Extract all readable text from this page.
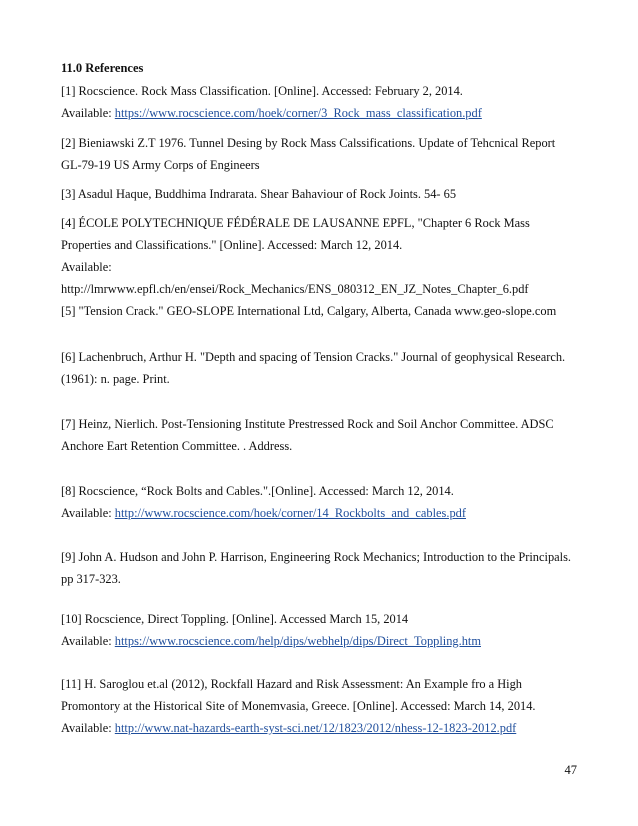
11.0 References
[1] Rocscience. Rock Mass Classification. [Online]. Accessed: February 2, 2014.
Available: https://www.rocscience.com/hoek/corner/3_Rock_mass_classification.pdf
[2] Bieniawski Z.T 1976. Tunnel Desing by Rock Mass Calssifications. Update of Tehcnical Report
GL-79-19 US Army Corps of Engineers
[3] Asadul Haque, Buddhima Indrarata. Shear Bahaviour of Rock Joints. 54- 65
[4] ÉCOLE POLYTECHNIQUE FÉDÉRALE DE LAUSANNE EPFL, "Chapter 6 Rock Mass
Properties and Classifications." [Online]. Accessed: March 12, 2014.
Available:
http://lmrwww.epfl.ch/en/ensei/Rock_Mechanics/ENS_080312_EN_JZ_Notes_Chapter_6.pdf
[5] "Tension Crack." GEO-SLOPE International Ltd, Calgary, Alberta, Canada www.geo-slope.com
[6] Lachenbruch, Arthur H. "Depth and spacing of Tension Cracks." Journal of geophysical Research.
(1961): n. page. Print.
[7] Heinz, Nierlich. Post-Tensioning Institute Prestressed Rock and Soil Anchor Committee. ADSC
Anchore Eart Retention Committee. . Address.
[8] Rocscience, “Rock Bolts and Cables.".[Online]. Accessed: March 12, 2014.
Available: http://www.rocscience.com/hoek/corner/14_Rockbolts_and_cables.pdf
[9] John A. Hudson and John P. Harrison, Engineering Rock Mechanics; Introduction to the Principals.
pp 317-323.
[10] Rocscience, Direct Toppling. [Online]. Accessed March 15, 2014
Available: https://www.rocscience.com/help/dips/webhelp/dips/Direct_Toppling.htm
[11] H. Saroglou et.al (2012), Rockfall Hazard and Risk Assessment: An Example fro a High
Promontory at the Historical Site of Monemvasia, Greece. [Online]. Accessed: March 14, 2014.
Available: http://www.nat-hazards-earth-syst-sci.net/12/1823/2012/nhess-12-1823-2012.pdf
47
